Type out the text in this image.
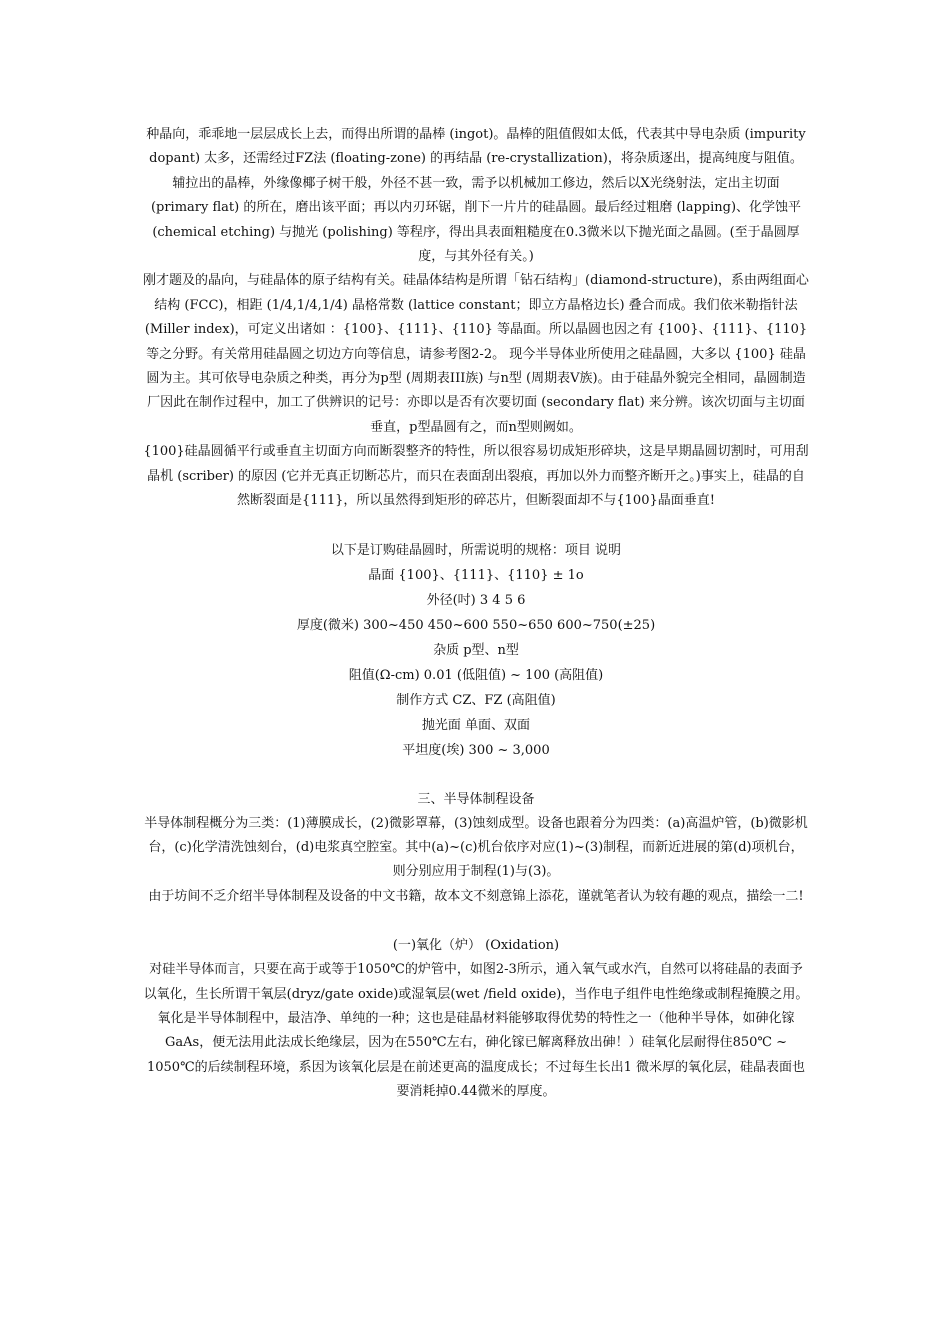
种晶向，乖乖地一层层成长上去，而得出所谓的晶棒 (ingot)。晶棒的阻值假如太低，代表其中导电杂质 (impurity dopant) 太多，还需经过FZ法 (floating-zone) 的再结晶 (re-crystallization)，将杂质逐出，提高纯度与阻值。

辅拉出的晶棒，外缘像椰子树干般，外径不甚一致，需予以机械加工修边，然后以X光绕射法，定出主切面 (primary flat) 的所在，磨出该平面；再以内刃环锯，削下一片片的硅晶圆。最后经过粗磨 (lapping)、化学蚀平 (chemical etching) 与抛光 (polishing) 等程序，得出具表面粗糙度在0.3微米以下抛光面之晶圆。(至于晶圆厚度，与其外径有关。)

刚才题及的晶向，与硅晶体的原子结构有关。硅晶体结构是所谓「钻石结构」(diamond-structure)，系由两组面心结构 (FCC)，相距 (1/4,1/4,1/4) 晶格常数 (lattice constant；即立方晶格边长) 叠合而成。我们依米勒指针法 (Miller index)，可定义出诸如 ：{100}、{111}、{110} 等晶面。所以晶圆也因之有 {100}、{111}、{110}等之分野。有关常用硅晶圆之切边方向等信息，请参考图2-2。 现今半导体业所使用之硅晶圆，大多以 {100} 硅晶圆为主。其可依导电杂质之种类，再分为p型 (周期表III族) 与n型 (周期表Ⅴ族)。由于硅晶外貌完全相同，晶圆制造厂因此在制作过程中，加工了供辨识的记号：亦即以是否有次要切面 (secondary flat) 来分辨。该次切面与主切面垂直，p型晶圆有之，而n型则阙如。

{100}硅晶圆循平行或垂直主切面方向而断裂整齐的特性，所以很容易切成矩形碎块，这是早期晶圆切割时，可用刮晶机 (scriber) 的原因 (它并无真正切断芯片，而只在表面刮出裂痕，再加以外力而整齐断开之。)事实上，硅晶的自然断裂面是{111}，所以虽然得到矩形的碎芯片，但断裂面却不与{100}晶面垂直!

以下是订购硅晶圆时，所需说明的规格：项目 说明

晶面 {100}、{111}、{110} ± 1o

外径(吋) 3 4 5 6

厚度(微米) 300~450 450~600 550~650 600~750(±25)

杂质 p型、n型

阻值(Ω-cm) 0.01 (低阻值) ~ 100 (高阻值)

制作方式 CZ、FZ (高阻值)

抛光面 单面、双面

平坦度(埃) 300 ~ 3,000

三、半导体制程设备

半导体制程概分为三类：(1)薄膜成长，(2)微影罩幕，(3)蚀刻成型。设备也跟着分为四类：(a)高温炉管，(b)微影机台，(c)化学清洗蚀刻台，(d)电浆真空腔室。其中(a)~(c)机台依序对应(1)~(3)制程，而新近进展的第(d)项机台，则分别应用于制程(1)与(3)。

由于坊间不乏介绍半导体制程及设备的中文书籍，故本文不刻意锦上添花，谨就笔者认为较有趣的观点，描绘一二!

(一)氧化（炉） (Oxidation)

对硅半导体而言，只要在高于或等于1050℃的炉管中，如图2-3所示，通入氧气或水汽，自然可以将硅晶的表面予以氧化，生长所谓干氧层(dryz/gate oxide)或湿氧层(wet /field oxide)，当作电子组件电性绝缘或制程掩膜之用。氧化是半导体制程中，最洁净、单纯的一种；这也是硅晶材料能够取得优势的特性之一（他种半导体，如砷化镓 GaAs，便无法用此法成长绝缘层，因为在550℃左右，砷化镓已解离释放出砷！）硅氧化层耐得住850℃ ~ 1050℃的后续制程环境，系因为该氧化层是在前述更高的温度成长；不过每生长出1 微米厚的氧化层，硅晶表面也要消耗掉0.44微米的厚度。
